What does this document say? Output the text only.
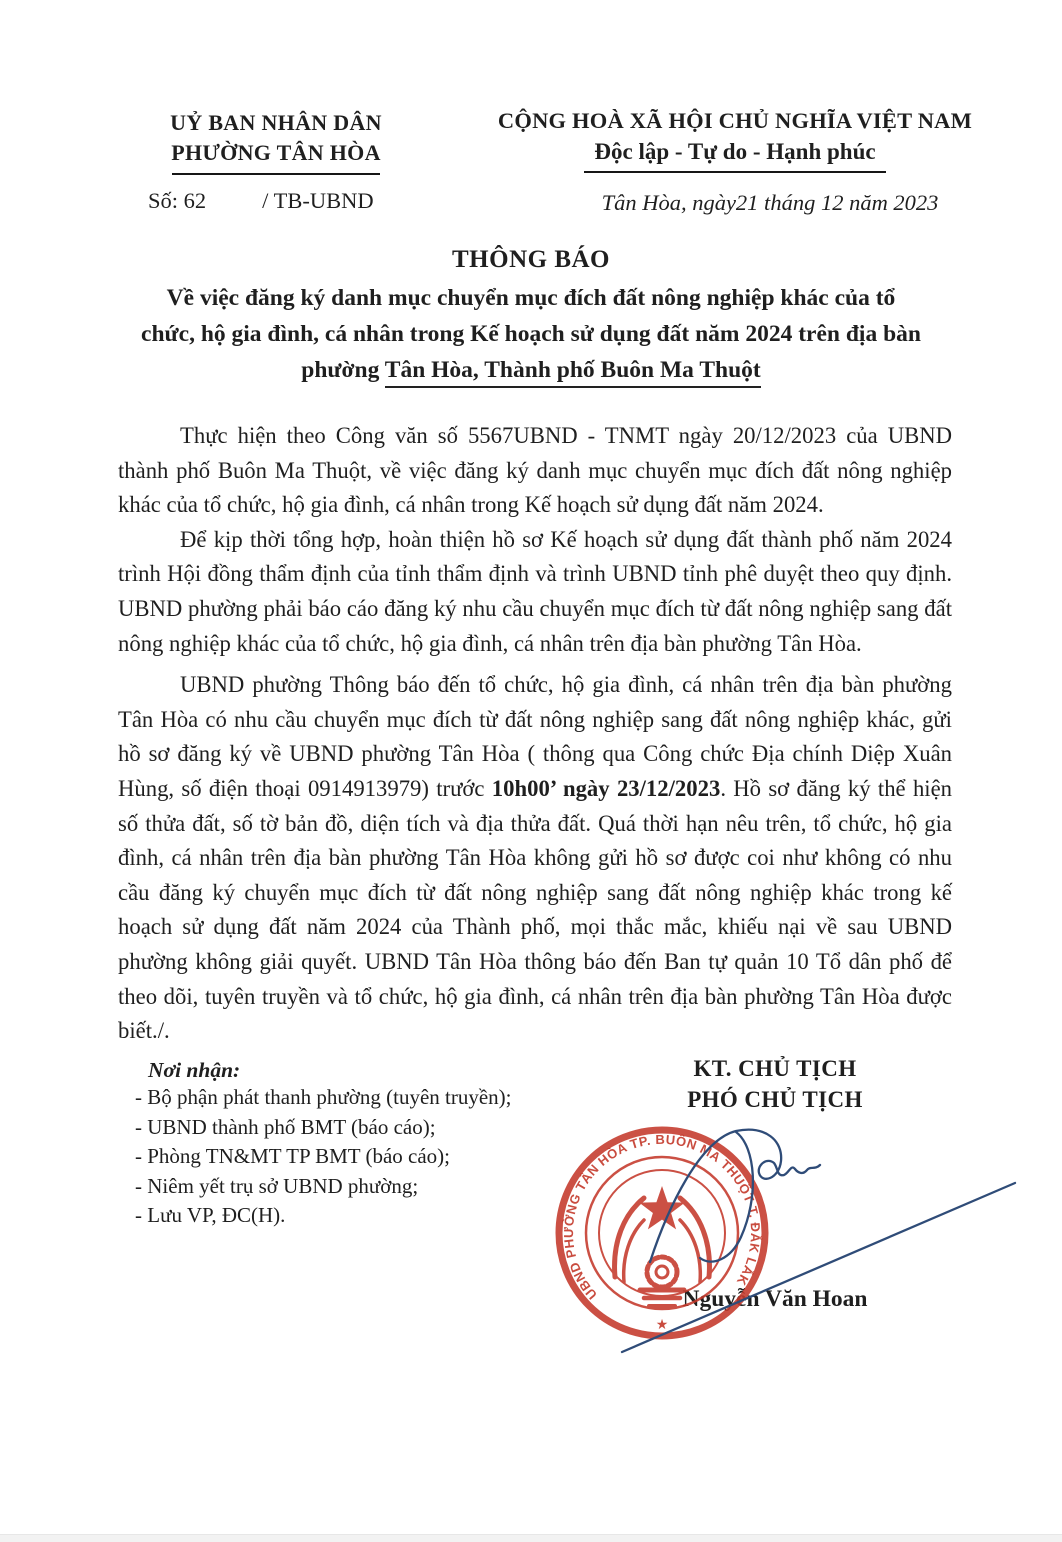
UỶ BAN NHÂN DÂN
PHƯỜNG TÂN HÒA
Số: 62 / TB-UBND
CỘNG HOÀ XÃ HỘI CHỦ NGHĨA VIỆT NAM
Độc lập - Tự do - Hạnh phúc
Tân Hòa, ngày21 tháng 12 năm 2023
THÔNG BÁO
Về việc đăng ký danh mục chuyển mục đích đất nông nghiệp khác của tổ
chức, hộ gia đình, cá nhân trong Kế hoạch sử dụng đất năm 2024 trên địa bàn
phường Tân Hòa, Thành phố Buôn Ma Thuột

Thực hiện theo Công văn số 5567UBND - TNMT ngày 20/12/2023 của UBND thành phố Buôn Ma Thuột, về việc đăng ký danh mục chuyển mục đích đất nông nghiệp khác của tổ chức, hộ gia đình, cá nhân trong Kế hoạch sử dụng đất năm 2024.

Để kịp thời tổng hợp, hoàn thiện hồ sơ Kế hoạch sử dụng đất thành phố năm 2024 trình Hội đồng thẩm định của tỉnh thẩm định và trình UBND tỉnh phê duyệt theo quy định. UBND phường phải báo cáo đăng ký nhu cầu chuyển mục đích từ đất nông nghiệp sang đất nông nghiệp khác của tổ chức, hộ gia đình, cá nhân trên địa bàn phường Tân Hòa.

UBND phường Thông báo đến tổ chức, hộ gia đình, cá nhân trên địa bàn phường Tân Hòa có nhu cầu chuyển mục đích từ đất nông nghiệp sang đất nông nghiệp khác, gửi hồ sơ đăng ký về UBND phường Tân Hòa ( thông qua Công chức Địa chính Diệp Xuân Hùng, số điện thoại 0914913979) trước 10h00’ ngày 23/12/2023. Hồ sơ đăng ký thể hiện số thửa đất, số tờ bản đồ, diện tích và địa thửa đất. Quá thời hạn nêu trên, tổ chức, hộ gia đình, cá nhân trên địa bàn phường Tân Hòa không gửi hồ sơ được coi như không có nhu cầu đăng ký chuyển mục đích từ đất nông nghiệp sang đất nông nghiệp khác trong kế hoạch sử dụng đất năm 2024 của Thành phố, mọi thắc mắc, khiếu nại về sau UBND phường không giải quyết. UBND Tân Hòa thông báo đến Ban tự quản 10 Tổ dân phố để theo dõi, tuyên truyền và tổ chức, hộ gia đình, cá nhân trên địa bàn phường Tân Hòa được biết./.

Nơi nhận:
- Bộ phận phát thanh phường (tuyên truyền);
- UBND thành phố BMT (báo cáo);
- Phòng TN&MT TP BMT (báo cáo);
- Niêm yết trụ sở UBND phường;
- Lưu VP, ĐC(H).
KT. CHỦ TỊCH
PHÓ CHỦ TỊCH
UBND PHƯỜNG TÂN HÒA TP. BUÔN MA THUỘT T. ĐẮK LẮK
★
Nguyễn Văn Hoan
